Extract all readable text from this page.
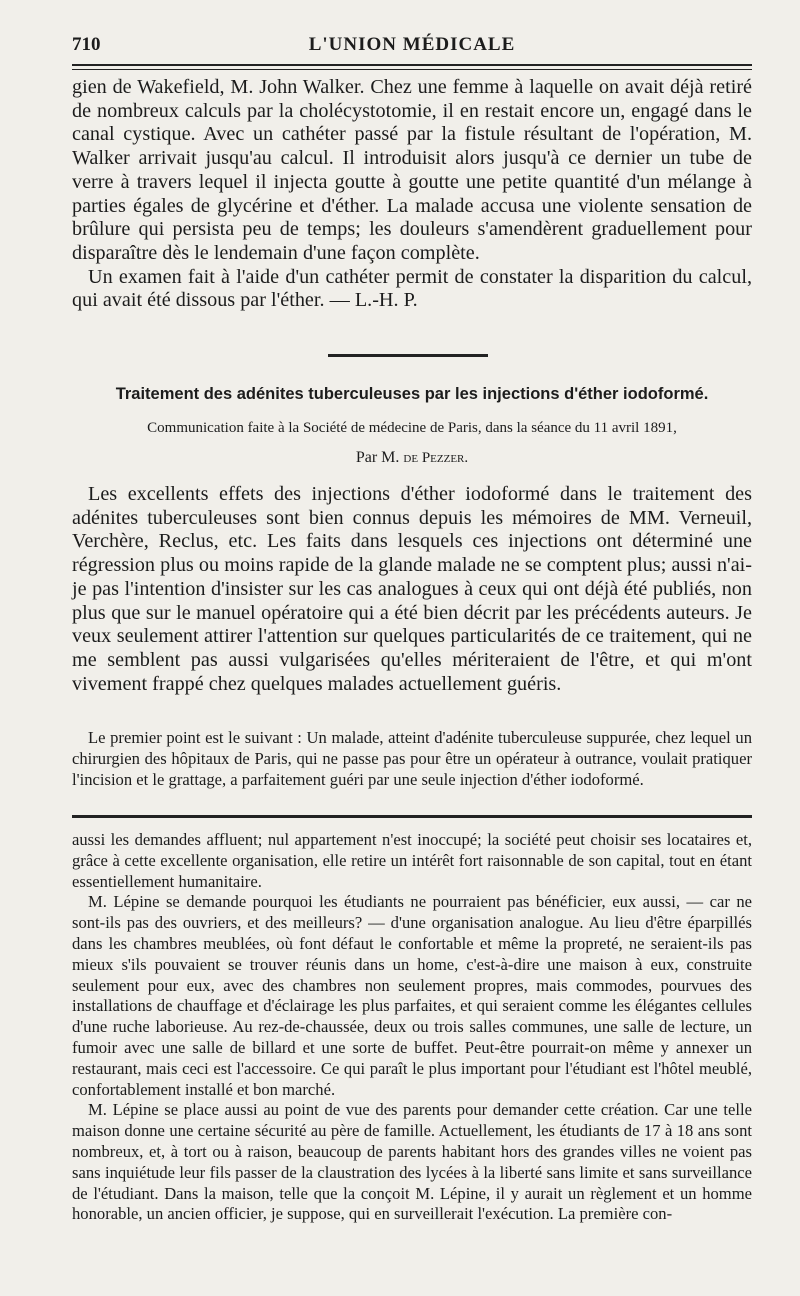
710	L'UNION MÉDICALE

gien de Wakefield, M. John Walker. Chez une femme à laquelle on avait déjà retiré de nombreux calculs par la cholécystotomie, il en restait encore un, engagé dans le canal cystique. Avec un cathéter passé par la fistule résultant de l'opération, M. Walker arrivait jusqu'au calcul. Il introduisit alors jusqu'à ce dernier un tube de verre à travers lequel il injecta goutte à goutte une petite quantité d'un mélange à parties égales de glycérine et d'éther. La malade accusa une violente sensation de brûlure qui persista peu de temps; les douleurs s'amendèrent graduellement pour disparaître dès le lendemain d'une façon complète.

Un examen fait à l'aide d'un cathéter permit de constater la disparition du calcul, qui avait été dissous par l'éther. — L.-H. P.

Traitement des adénites tuberculeuses par les injections d'éther iodoformé.

Communication faite à la Société de médecine de Paris, dans la séance du 11 avril 1891,

Par M. de Pezzer.

Les excellents effets des injections d'éther iodoformé dans le traitement des adénites tuberculeuses sont bien connus depuis les mémoires de MM. Verneuil, Verchère, Reclus, etc. Les faits dans lesquels ces injections ont déterminé une régression plus ou moins rapide de la glande malade ne se comptent plus; aussi n'ai-je pas l'intention d'insister sur les cas analogues à ceux qui ont déjà été publiés, non plus que sur le manuel opératoire qui a été bien décrit par les précédents auteurs. Je veux seulement attirer l'attention sur quelques particularités de ce traitement, qui ne me semblent pas aussi vulgarisées qu'elles mériteraient de l'être, et qui m'ont vivement frappé chez quelques malades actuellement guéris.

Le premier point est le suivant : Un malade, atteint d'adénite tuberculeuse suppurée, chez lequel un chirurgien des hôpitaux de Paris, qui ne passe pas pour être un opérateur à outrance, voulait pratiquer l'incision et le grattage, a parfaitement guéri par une seule injection d'éther iodoformé.

aussi les demandes affluent; nul appartement n'est inoccupé; la société peut choisir ses locataires et, grâce à cette excellente organisation, elle retire un intérêt fort raisonnable de son capital, tout en étant essentiellement humanitaire.

M. Lépine se demande pourquoi les étudiants ne pourraient pas bénéficier, eux aussi, — car ne sont-ils pas des ouvriers, et des meilleurs? — d'une organisation analogue. Au lieu d'être éparpillés dans les chambres meublées, où font défaut le confortable et même la propreté, ne seraient-ils pas mieux s'ils pouvaient se trouver réunis dans un home, c'est-à-dire une maison à eux, construite seulement pour eux, avec des chambres non seulement propres, mais commodes, pourvues des installations de chauffage et d'éclairage les plus parfaites, et qui seraient comme les élégantes cellules d'une ruche laborieuse. Au rez-de-chaussée, deux ou trois salles communes, une salle de lecture, un fumoir avec une salle de billard et une sorte de buffet. Peut-être pourrait-on même y annexer un restaurant, mais ceci est l'accessoire. Ce qui paraît le plus important pour l'étudiant est l'hôtel meublé, confortablement installé et bon marché.

M. Lépine se place aussi au point de vue des parents pour demander cette création. Car une telle maison donne une certaine sécurité au père de famille. Actuellement, les étudiants de 17 à 18 ans sont nombreux, et, à tort ou à raison, beaucoup de parents habitant hors des grandes villes ne voient pas sans inquiétude leur fils passer de la claustration des lycées à la liberté sans limite et sans surveillance de l'étudiant. Dans la maison, telle que la conçoit M. Lépine, il y aurait un règlement et un homme honorable, un ancien officier, je suppose, qui en surveillerait l'exécution. La première con-
